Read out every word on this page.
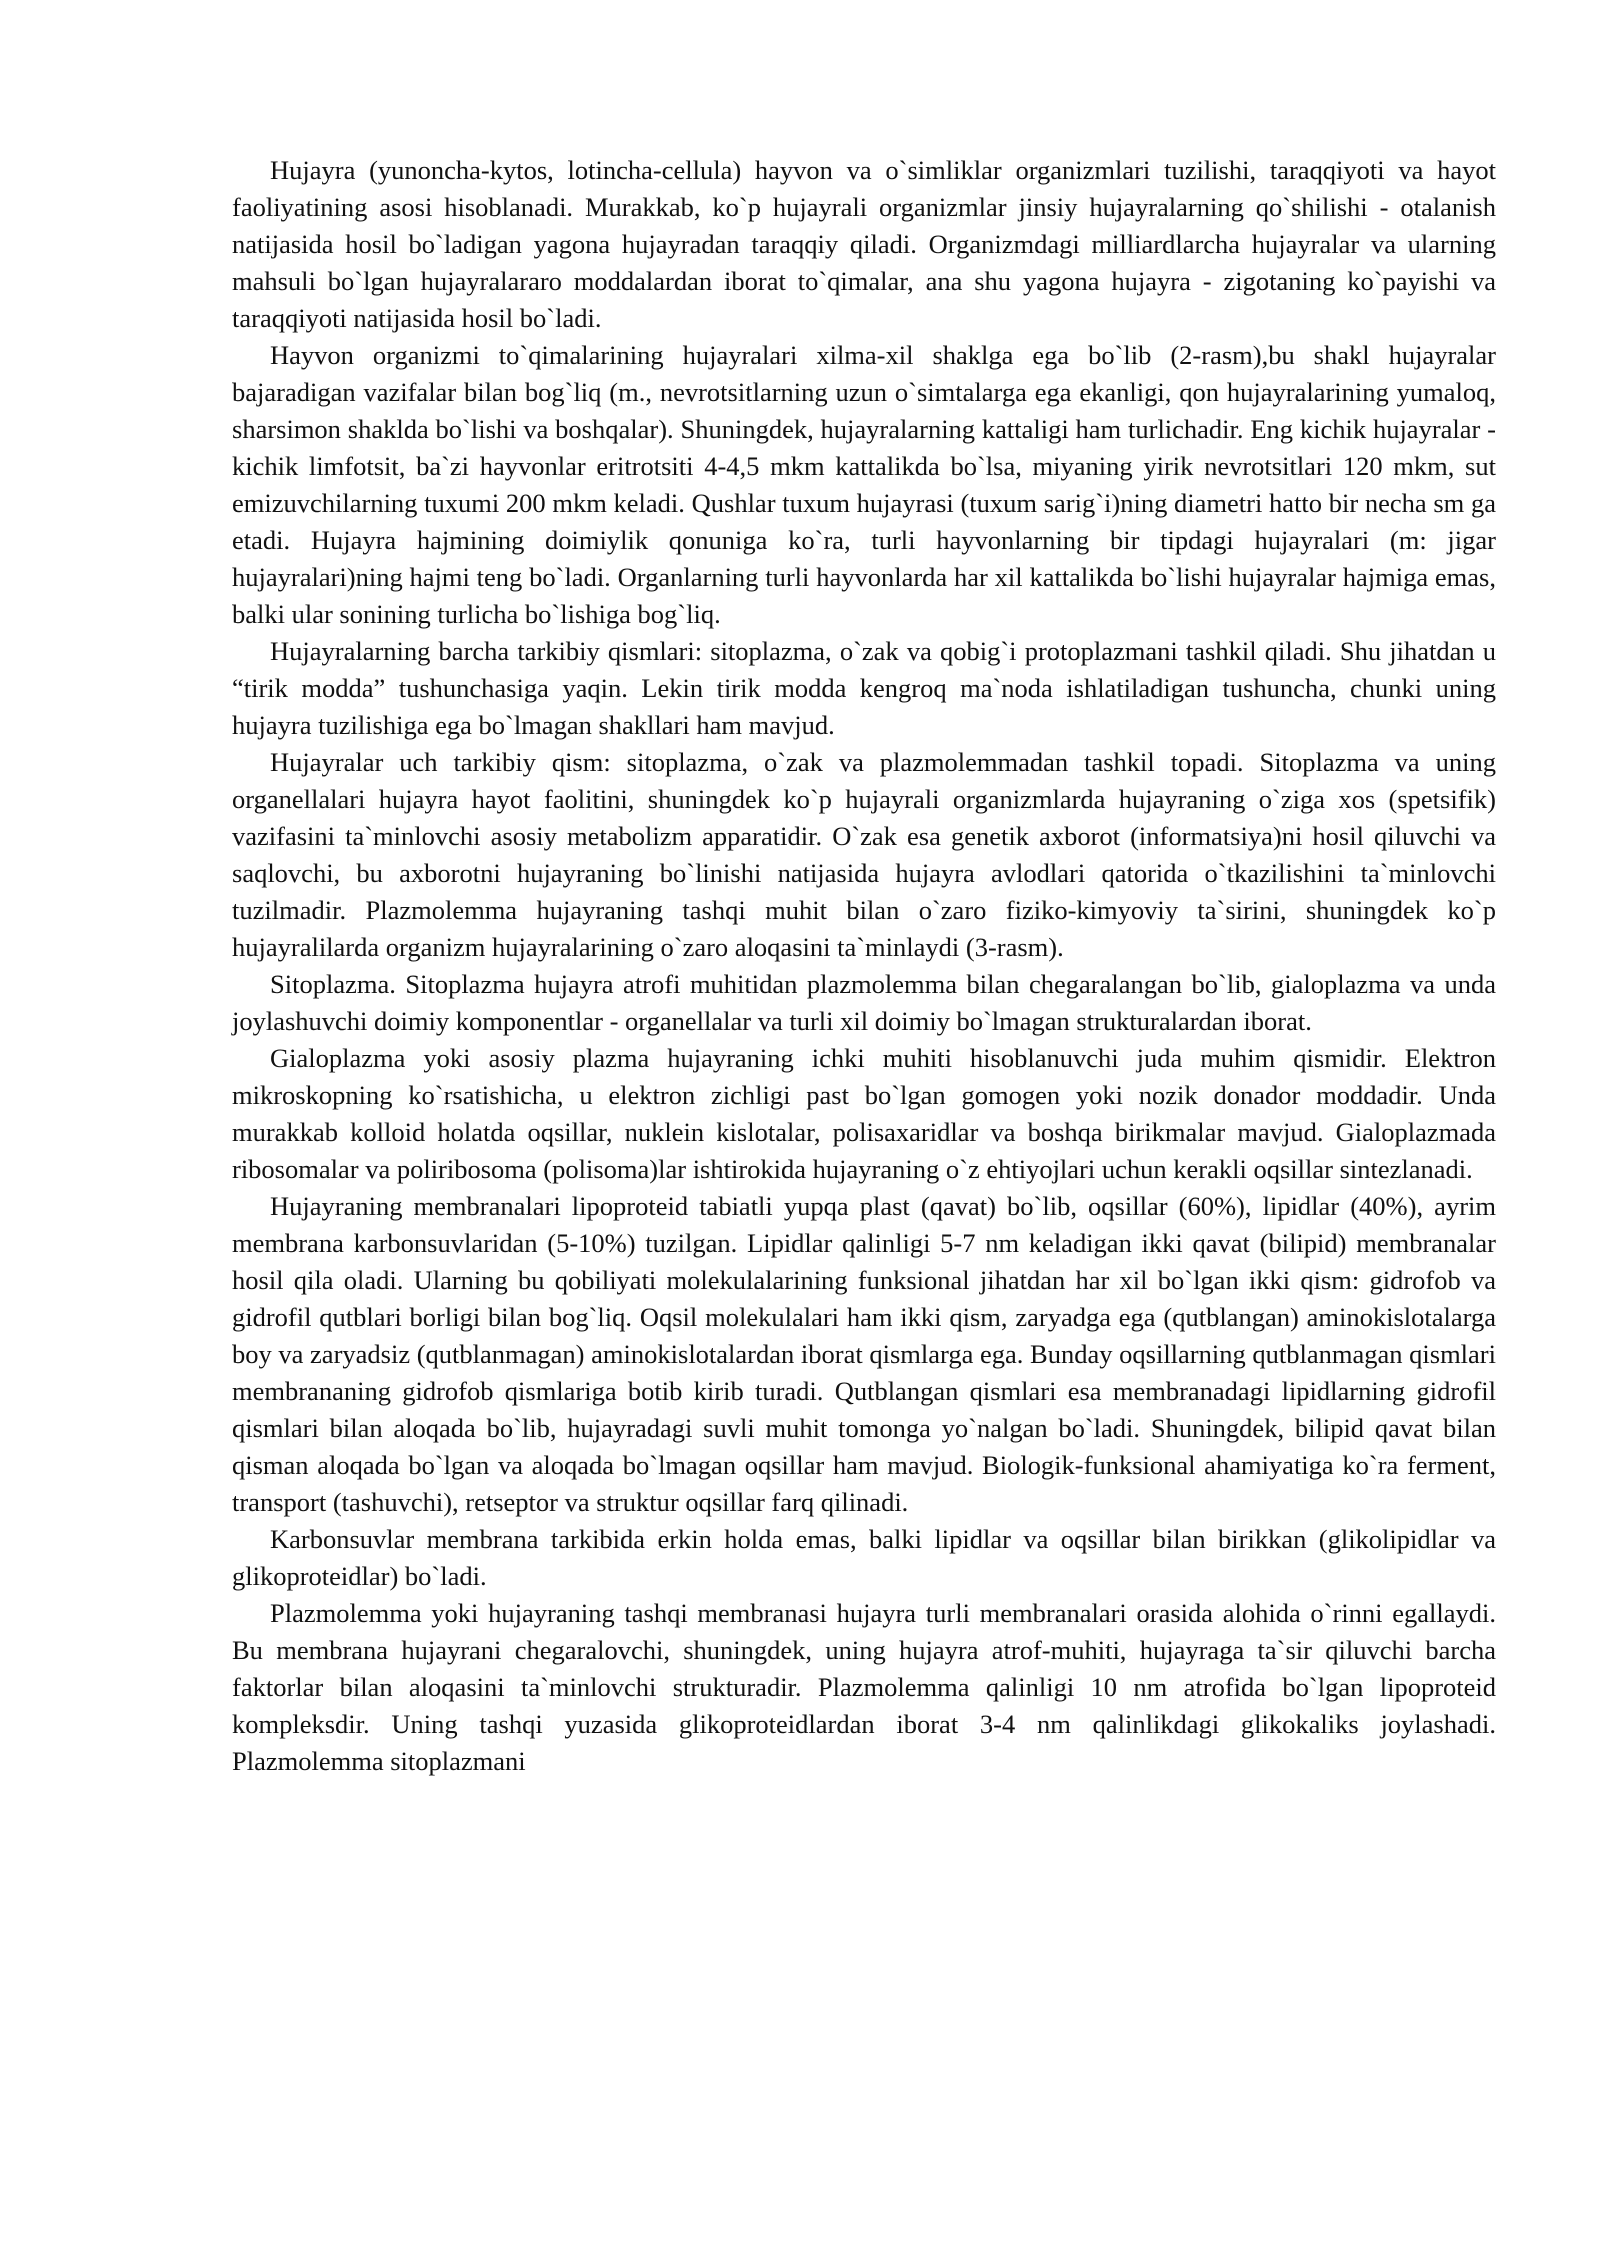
Hujayra (yunoncha-kytos, lotincha-cellula) hayvon va o`simliklar organizmlari tuzilishi, taraqqiyoti va hayot faoliyatining asosi hisoblanadi. Murakkab, ko`p hujayrali organizmlar jinsiy hujayralarning qo`shilishi - otalanish natijasida hosil bo`ladigan yagona hujayradan taraqqiy qiladi. Organizmdagi milliardlarcha hujayralar va ularning mahsuli bo`lgan hujayralararo moddalardan iborat to`qimalar, ana shu yagona hujayra - zigotaning ko`payishi va taraqqiyoti natijasida hosil bo`ladi.

Hayvon organizmi to`qimalarining hujayralari xilma-xil shaklga ega bo`lib (2-rasm),bu shakl hujayralar bajaradigan vazifalar bilan bog`liq (m., nevrotsitlarning uzun o`simtalarga ega ekanligi, qon hujayralarining yumaloq, sharsimon shaklda bo`lishi va boshqalar). Shuningdek, hujayralarning kattaligi ham turlichadir. Eng kichik hujayralar - kichik limfotsit, ba`zi hayvonlar eritrotsiti 4-4,5 mkm kattalikda bo`lsa, miyaning yirik nevrotsitlari 120 mkm, sut emizuvchilarning tuxumi 200 mkm keladi. Qushlar tuxum hujayrasi (tuxum sarig`i)ning diametri hatto bir necha sm ga etadi. Hujayra hajmining doimiylik qonuniga ko`ra, turli hayvonlarning bir tipdagi hujayralari (m: jigar hujayralari)ning hajmi teng bo`ladi. Organlarning turli hayvonlarda har xil kattalikda bo`lishi hujayralar hajmiga emas, balki ular sonining turlicha bo`lishiga bog`liq.

Hujayralarning barcha tarkibiy qismlari: sitoplazma, o`zak va qobig`i protoplazmani tashkil qiladi. Shu jihatdan u “tirik modda” tushunchasiga yaqin. Lekin tirik modda kengroq ma`noda ishlatiladigan tushuncha, chunki uning hujayra tuzilishiga ega bo`lmagan shakllari ham mavjud.

Hujayralar uch tarkibiy qism: sitoplazma, o`zak va plazmolemmadan tashkil topadi. Sitoplazma va uning organellalari hujayra hayot faolitini, shuningdek ko`p hujayrali organizmlarda hujayraning o`ziga xos (spetsifik) vazifasini ta`minlovchi asosiy metabolizm apparatidir. O`zak esa genetik axborot (informatsiya)ni hosil qiluvchi va saqlovchi, bu axborotni hujayraning bo`linishi natijasida hujayra avlodlari qatorida o`tkazilishini ta`minlovchi tuzilmadir. Plazmolemma hujayraning tashqi muhit bilan o`zaro fiziko-kimyoviy ta`sirini, shuningdek ko`p hujayralilarda organizm hujayralarining o`zaro aloqasini ta`minlaydi (3-rasm).

Sitoplazma. Sitoplazma hujayra atrofi muhitidan plazmolemma bilan chegaralangan bo`lib, gialoplazma va unda joylashuvchi doimiy komponentlar - organellalar va turli xil doimiy bo`lmagan strukturalardan iborat.

Gialoplazma yoki asosiy plazma hujayraning ichki muhiti hisoblanuvchi juda muhim qismidir. Elektron mikroskopning ko`rsatishicha, u elektron zichligi past bo`lgan gomogen yoki nozik donador moddadir. Unda murakkab kolloid holatda oqsillar, nuklein kislotalar, polisaxaridlar va boshqa birikmalar mavjud. Gialoplazmada ribosomalar va poliribosoma (polisoma)lar ishtirokida hujayraning o`z ehtiyojlari uchun kerakli oqsillar sintezlanadi.

Hujayraning membranalari lipoproteid tabiatli yupqa plast (qavat) bo`lib, oqsillar (60%), lipidlar (40%), ayrim membrana karbonsuvlaridan (5-10%) tuzilgan. Lipidlar qalinligi 5-7 nm keladigan ikki qavat (bilipid) membranalar hosil qila oladi. Ularning bu qobiliyati molekulalarining funksional jihatdan har xil bo`lgan ikki qism: gidrofob va gidrofil qutblari borligi bilan bog`liq. Oqsil molekulalari ham ikki qism, zaryadga ega (qutblangan) aminokislotalarga boy va zaryadsiz (qutblanmagan) aminokislotalardan iborat qismlarga ega. Bunday oqsillarning qutblanmagan qismlari membrananing gidrofob qismlariga botib kirib turadi. Qutblangan qismlari esa membranadagi lipidlarning gidrofil qismlari bilan aloqada bo`lib, hujayradagi suvli muhit tomonga yo`nalgan bo`ladi. Shuningdek, bilipid qavat bilan qisman aloqada bo`lgan va aloqada bo`lmagan oqsillar ham mavjud. Biologik-funksional ahamiyatiga ko`ra ferment, transport (tashuvchi), retseptor va struktur oqsillar farq qilinadi.

Karbonsuvlar membrana tarkibida erkin holda emas, balki lipidlar va oqsillar bilan birikkan (glikolipidlar va glikoproteidlar) bo`ladi.

Plazmolemma yoki hujayraning tashqi membranasi hujayra turli membranalari orasida alohida o`rinni egallaydi. Bu membrana hujayrani chegaralovchi, shuningdek, uning hujayra atrof-muhiti, hujayraga ta`sir qiluvchi barcha faktorlar bilan aloqasini ta`minlovchi strukturadir. Plazmolemma qalinligi 10 nm atrofida bo`lgan lipoproteid kompleksdir. Uning tashqi yuzasida glikoproteidlardan iborat 3-4 nm qalinlikdagi glikokaliks joylashadi. Plazmolemma sitoplazmani
